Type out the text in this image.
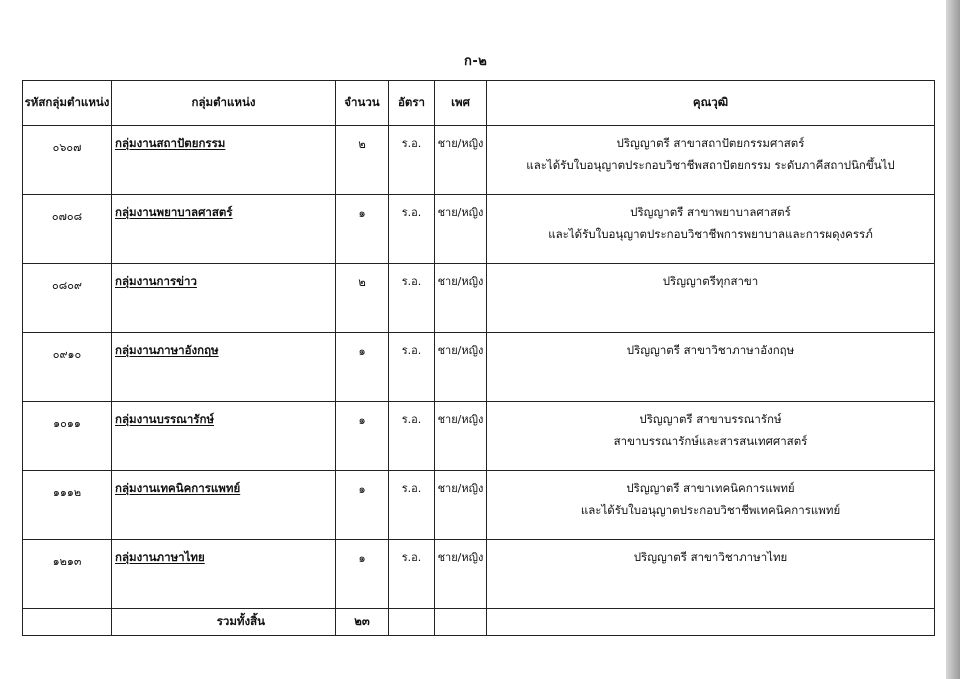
ก-๒
รหัสกลุ่มตำแหน่ง	กลุ่มตำแหน่ง	จำนวน	อัตรา	เพศ	คุณวุฒิ
๐๖๐๗	กลุ่มงานสถาปัตยกรรม	๒	ร.อ.	ชาย/หญิง	ปริญญาตรี สาขาสถาปัตยกรรมศาสตร์
และได้รับใบอนุญาตประกอบวิชาชีพสถาปัตยกรรม ระดับภาคีสถาปนิกขึ้นไป

๐๗๐๘	กลุ่มงานพยาบาลศาสตร์	๑	ร.อ.	ชาย/หญิง	ปริญญาตรี สาขาพยาบาลศาสตร์
และได้รับใบอนุญาตประกอบวิชาชีพการพยาบาลและการผดุงครรภ์

๐๘๐๙	กลุ่มงานการข่าว	๒	ร.อ.	ชาย/หญิง	ปริญญาตรีทุกสาขา

๐๙๑๐	กลุ่มงานภาษาอังกฤษ	๑	ร.อ.	ชาย/หญิง	ปริญญาตรี สาขาวิชาภาษาอังกฤษ

๑๐๑๑	กลุ่มงานบรรณารักษ์	๑	ร.อ.	ชาย/หญิง	ปริญญาตรี สาขาบรรณารักษ์
สาขาบรรณารักษ์และสารสนเทศศาสตร์

๑๑๑๒	กลุ่มงานเทคนิคการแพทย์	๑	ร.อ.	ชาย/หญิง	ปริญญาตรี สาขาเทคนิคการแพทย์
และได้รับใบอนุญาตประกอบวิชาชีพเทคนิคการแพทย์

๑๒๑๓	กลุ่มงานภาษาไทย	๑	ร.อ.	ชาย/หญิง	ปริญญาตรี สาขาวิชาภาษาไทย

	รวมทั้งสิ้น	๒๓			
